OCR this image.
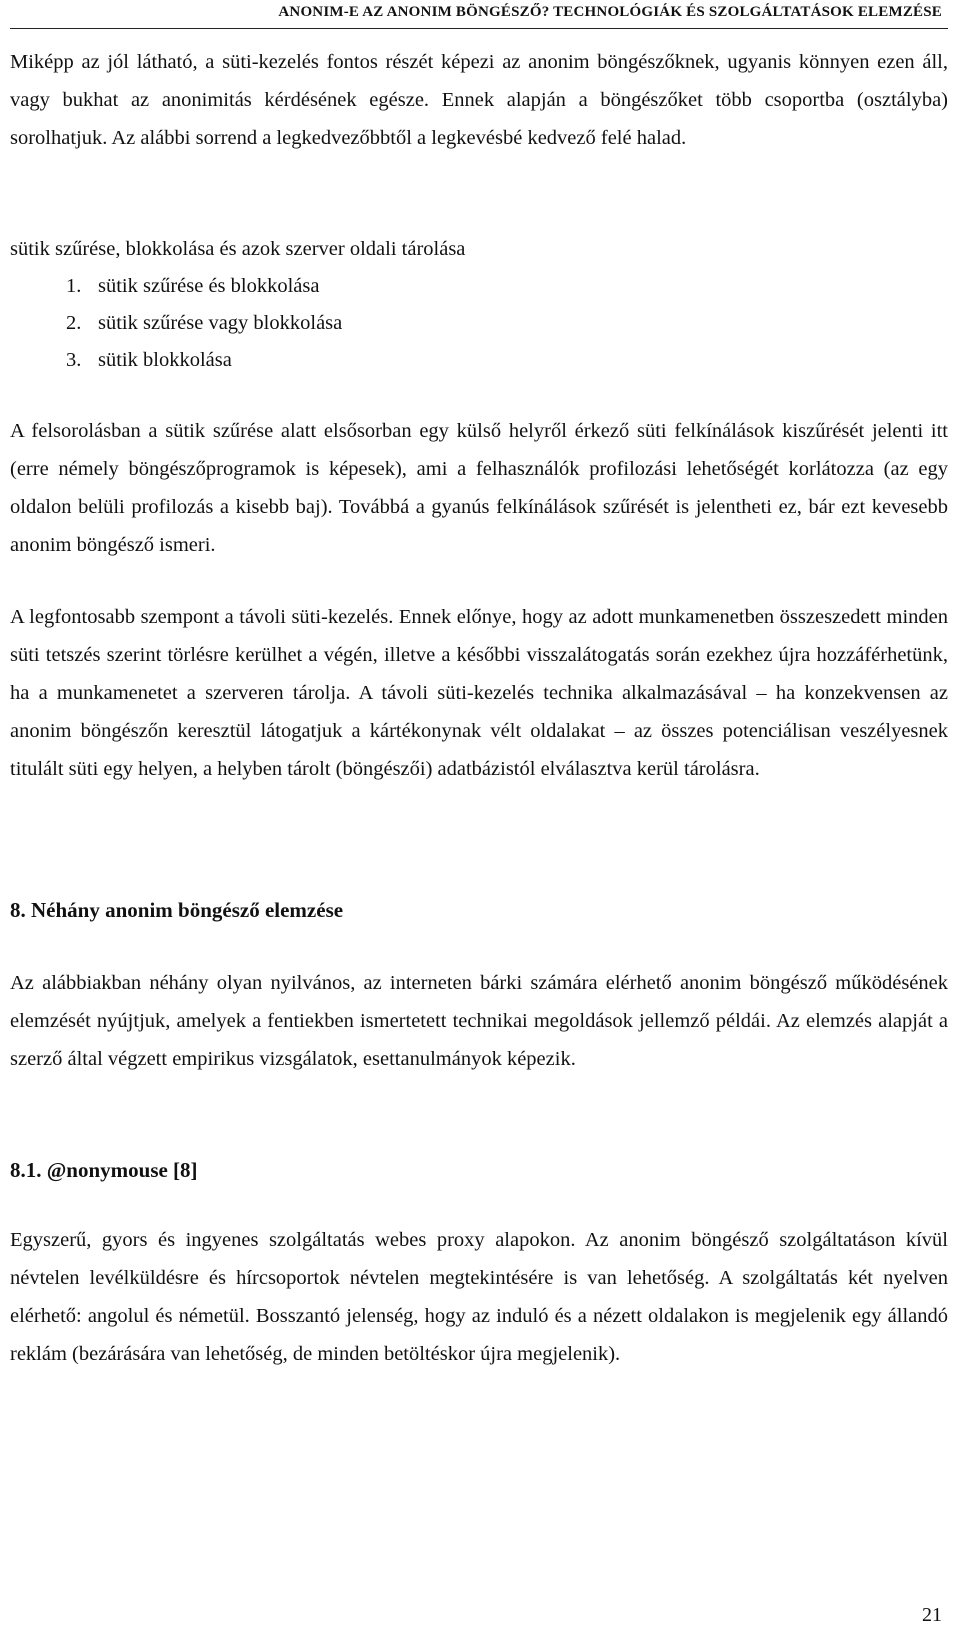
ANONIM-E AZ ANONIM BÖNGÉSZŐ? TECHNOLÓGIÁK ÉS SZOLGÁLTATÁSOK ELEMZÉSE

Miképp az jól látható, a süti-kezelés fontos részét képezi az anonim böngészőknek, ugyanis könnyen ezen áll, vagy bukhat az anonimitás kérdésének egésze. Ennek alapján a böngészőket több csoportba (osztályba) sorolhatjuk. Az alábbi sorrend a legkedvezőbbtől a legkevésbé kedvező felé halad.

sütik szűrése, blokkolása és azok szerver oldali tárolása
1. sütik szűrése és blokkolása
2. sütik szűrése vagy blokkolása
3. sütik blokkolása

A felsorolásban a sütik szűrése alatt elsősorban egy külső helyről érkező süti felkínálások kiszűrését jelenti itt (erre némely böngészőprogramok is képesek), ami a felhasználók profilozási lehetőségét korlátozza (az egy oldalon belüli profilozás a kisebb baj). Továbbá a gyanús felkínálások szűrését is jelentheti ez, bár ezt kevesebb anonim böngésző ismeri.

A legfontosabb szempont a távoli süti-kezelés. Ennek előnye, hogy az adott munkamenetben összeszedett minden süti tetszés szerint törlésre kerülhet a végén, illetve a későbbi visszalátogatás során ezekhez újra hozzáférhetünk, ha a munkamenetet a szerveren tárolja. A távoli süti-kezelés technika alkalmazásával – ha konzekvensen az anonim böngészőn keresztül látogatjuk a kártékonynak vélt oldalakat – az összes potenciálisan veszélyesnek titulált süti egy helyen, a helyben tárolt (böngészői) adatbázistól elválasztva kerül tárolásra.

8. Néhány anonim böngésző elemzése

Az alábbiakban néhány olyan nyilvános, az interneten bárki számára elérhető anonim böngésző működésének elemzését nyújtjuk, amelyek a fentiekben ismertetett technikai megoldások jellemző példái. Az elemzés alapját a szerző által végzett empirikus vizsgálatok, esettanulmányok képezik.

8.1. @nonymouse [8]

Egyszerű, gyors és ingyenes szolgáltatás webes proxy alapokon. Az anonim böngésző szolgáltatáson kívül névtelen levélküldésre és hírcsoportok névtelen megtekintésére is van lehetőség. A szolgáltatás két nyelven elérhető: angolul és németül. Bosszantó jelenség, hogy az induló és a nézett oldalakon is megjelenik egy állandó reklám (bezárására van lehetőség, de minden betöltéskor újra megjelenik).

21
